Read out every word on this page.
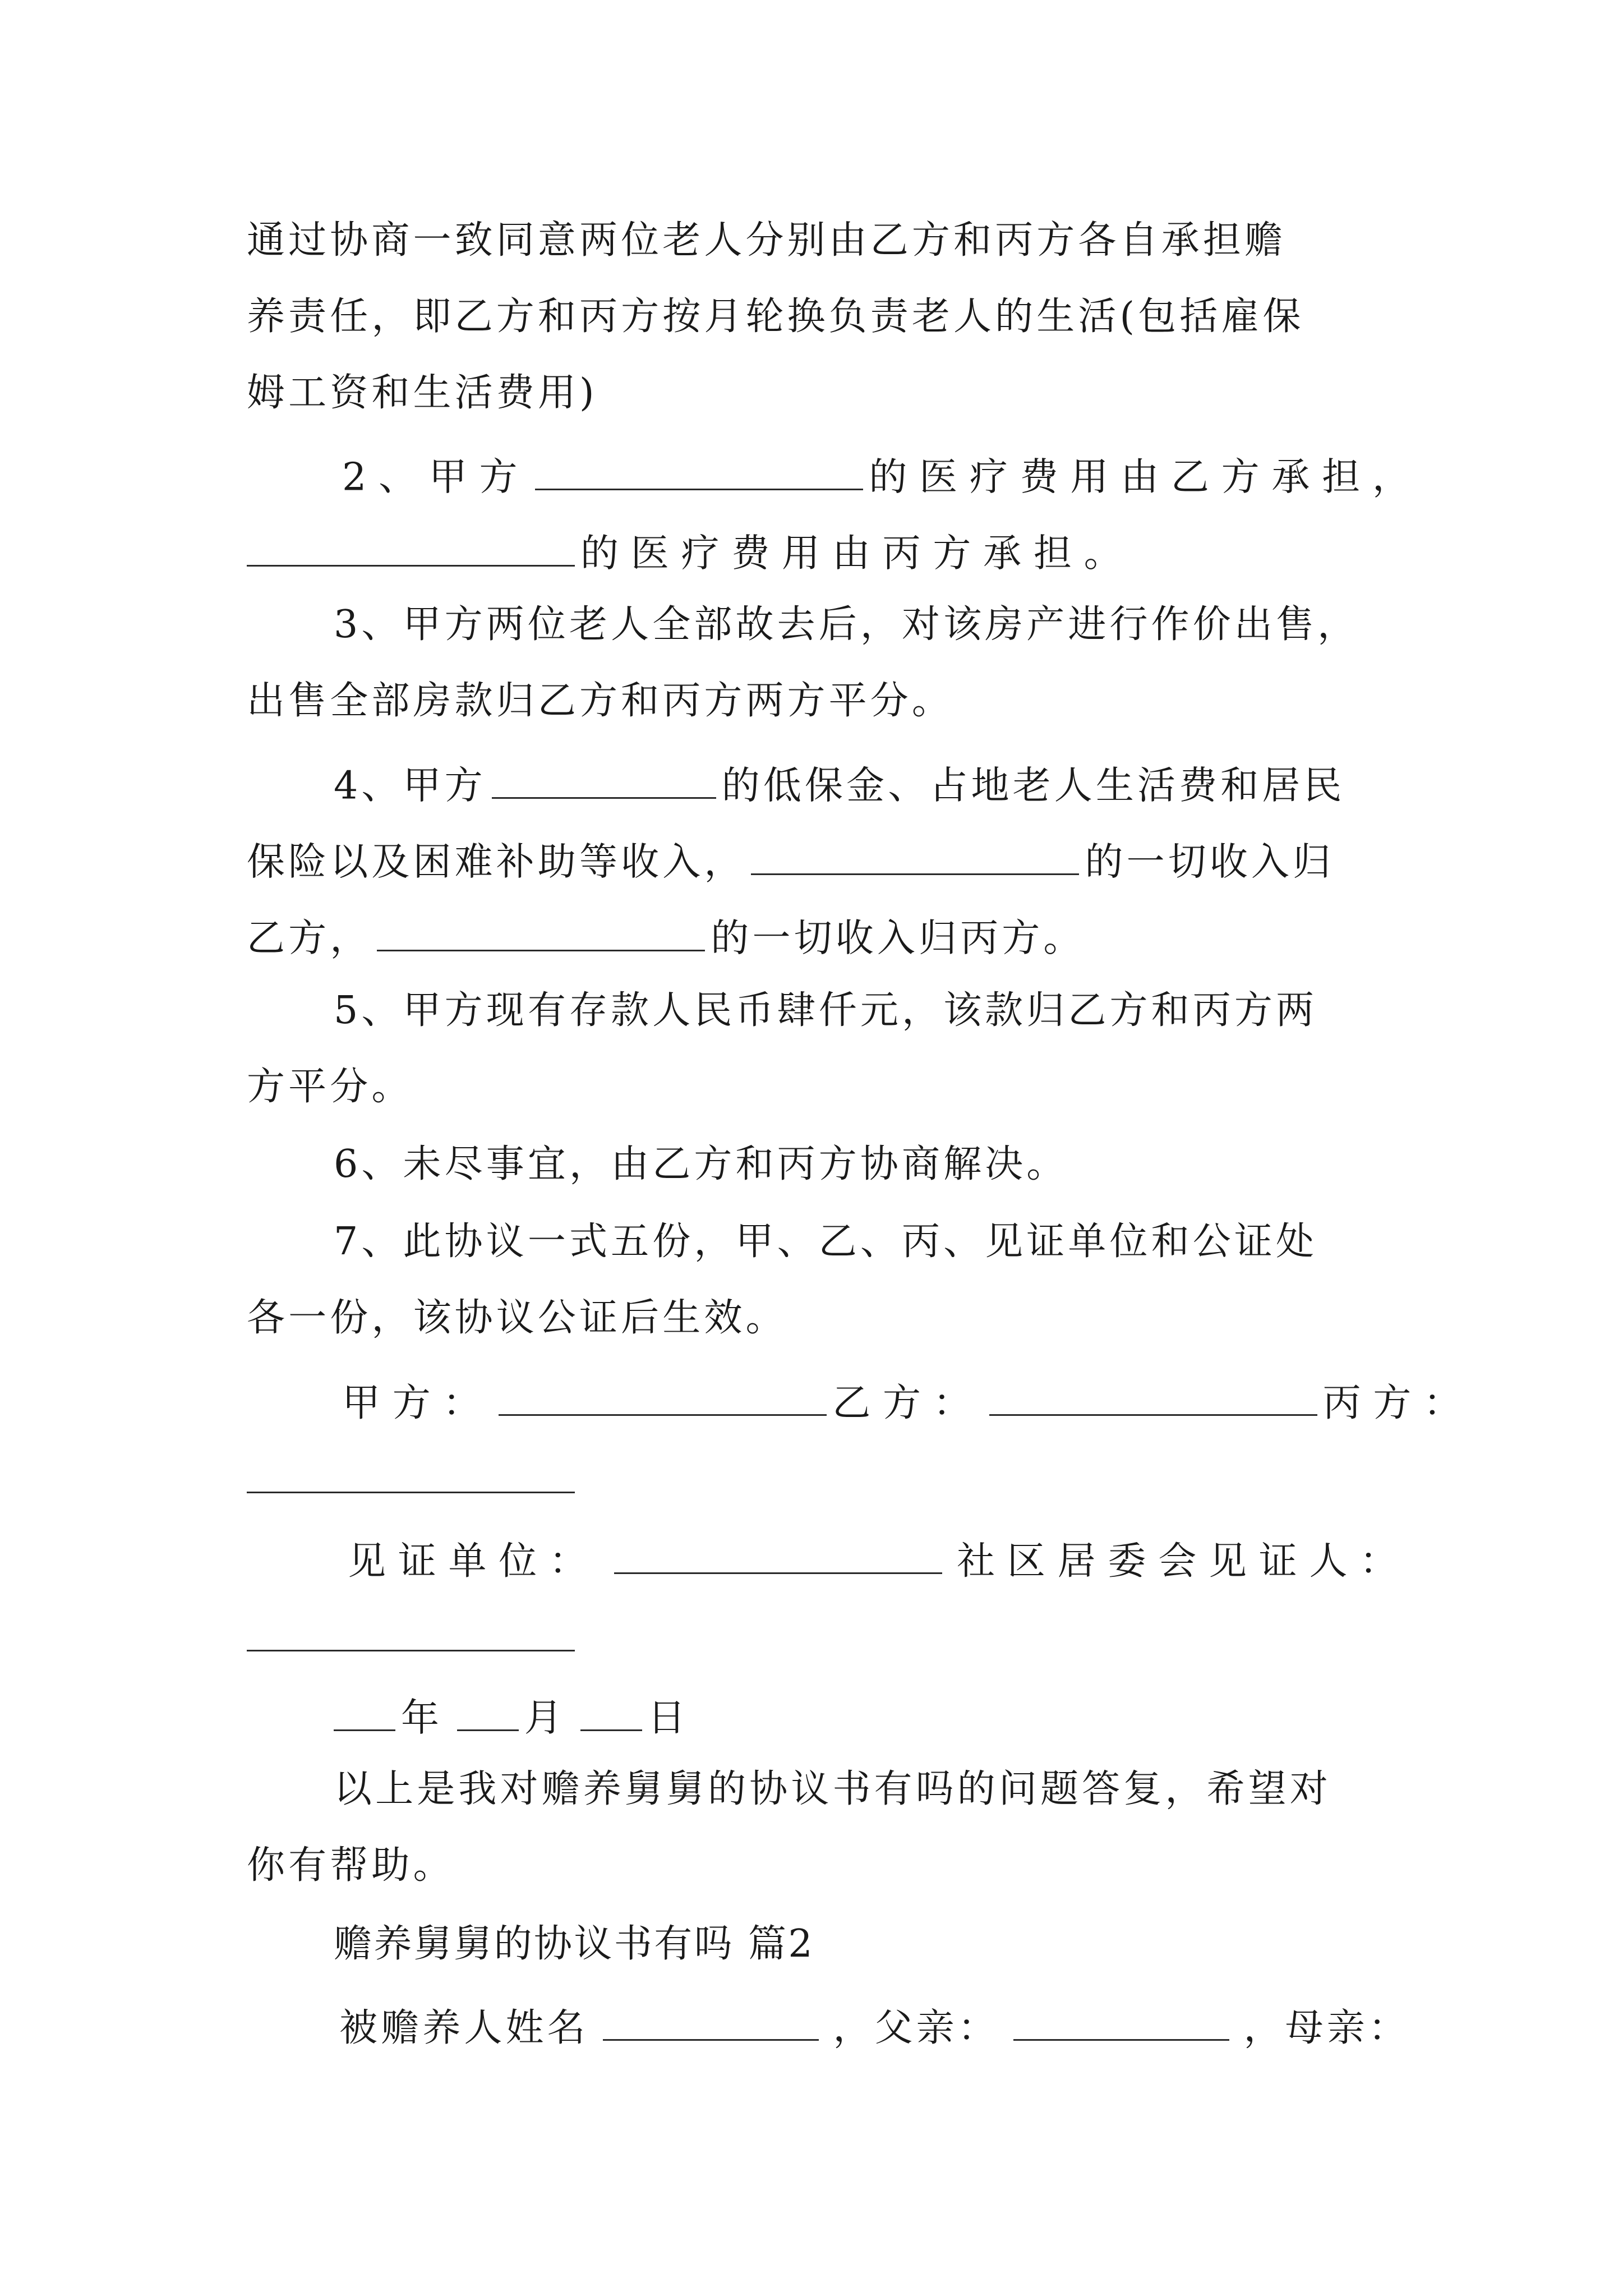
通过协商一致同意两位老人分别由乙方和丙方各自承担赡
养责任，即乙方和丙方按月轮换负责老人的生活(包括雇保
姆工资和生活费用)
2、甲方	的医疗费用由乙方承担，
的医疗费用由丙方承担。
3、甲方两位老人全部故去后，对该房产进行作价出售，
出售全部房款归乙方和丙方两方平分。
4、甲方	的低保金、占地老人生活费和居民
保险以及困难补助等收入，	的一切收入归
乙方，	的一切收入归丙方。
5、甲方现有存款人民币肆仟元，该款归乙方和丙方两
方平分。
6、未尽事宜，由乙方和丙方协商解决。
7、此协议一式五份，甲、乙、丙、见证单位和公证处
各一份，该协议公证后生效。
甲方：	乙方：	丙方：
见证单位：	社区居委会见证人：
年 月 日
以上是我对赡养舅舅的协议书有吗的问题答复，希望对
你有帮助。
赡养舅舅的协议书有吗 篇2
被赡养人姓名	，父亲：	，母亲：
